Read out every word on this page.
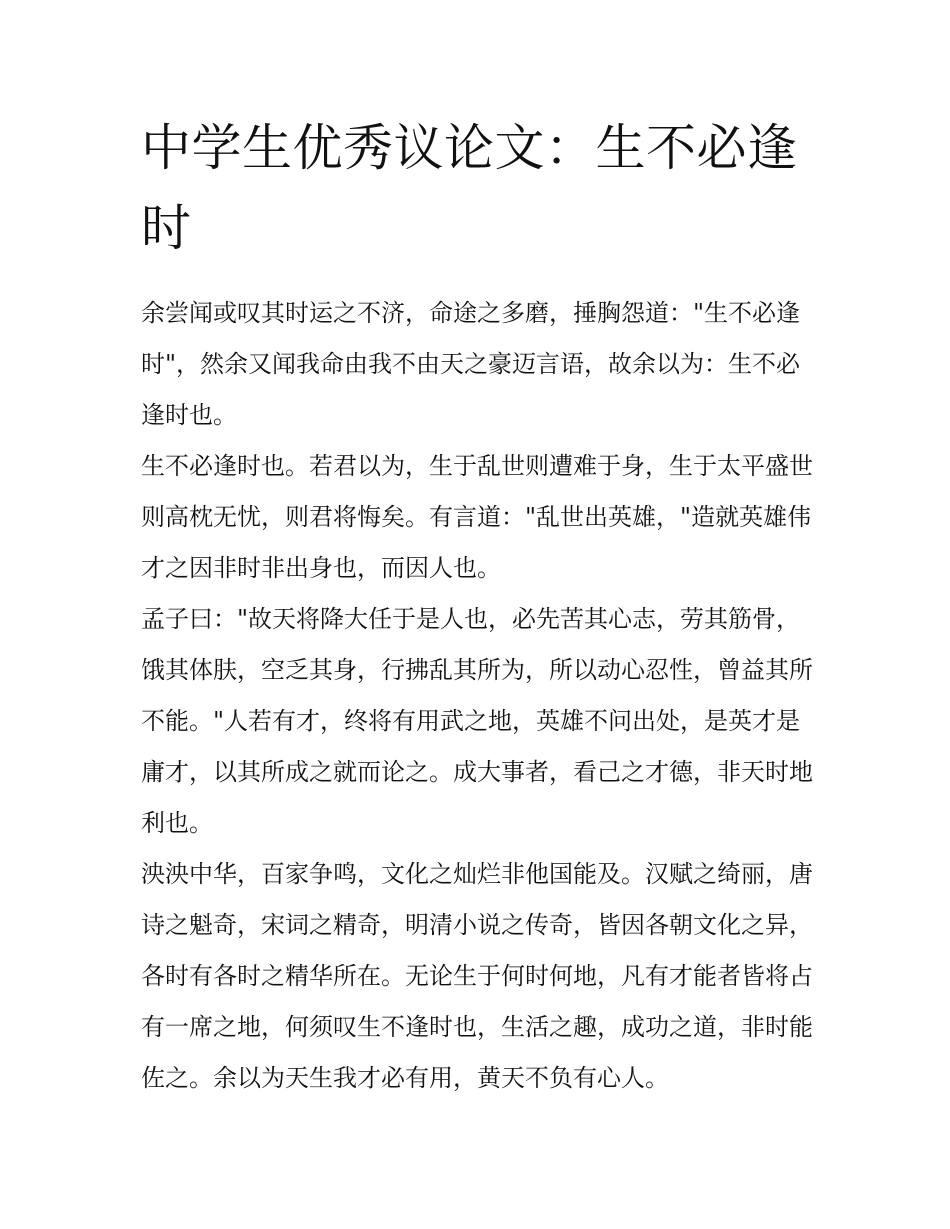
中学生优秀议论文：生不必逢时

余尝闻或叹其时运之不济，命途之多磨，捶胸怨道："生不必逢时"，然余又闻我命由我不由天之豪迈言语，故余以为：生不必逢时也。

生不必逢时也。若君以为，生于乱世则遭难于身，生于太平盛世则高枕无忧，则君将悔矣。有言道："乱世出英雄，"造就英雄伟才之因非时非出身也，而因人也。

孟子曰："故天将降大任于是人也，必先苦其心志，劳其筋骨，饿其体肤，空乏其身，行拂乱其所为，所以动心忍性，曾益其所不能。"人若有才，终将有用武之地，英雄不问出处，是英才是庸才，以其所成之就而论之。成大事者，看己之才德，非天时地利也。

泱泱中华，百家争鸣，文化之灿烂非他国能及。汉赋之绮丽，唐诗之魁奇，宋词之精奇，明清小说之传奇，皆因各朝文化之异，各时有各时之精华所在。无论生于何时何地，凡有才能者皆将占有一席之地，何须叹生不逢时也，生活之趣，成功之道，非时能佐之。余以为天生我才必有用，黄天不负有心人。
